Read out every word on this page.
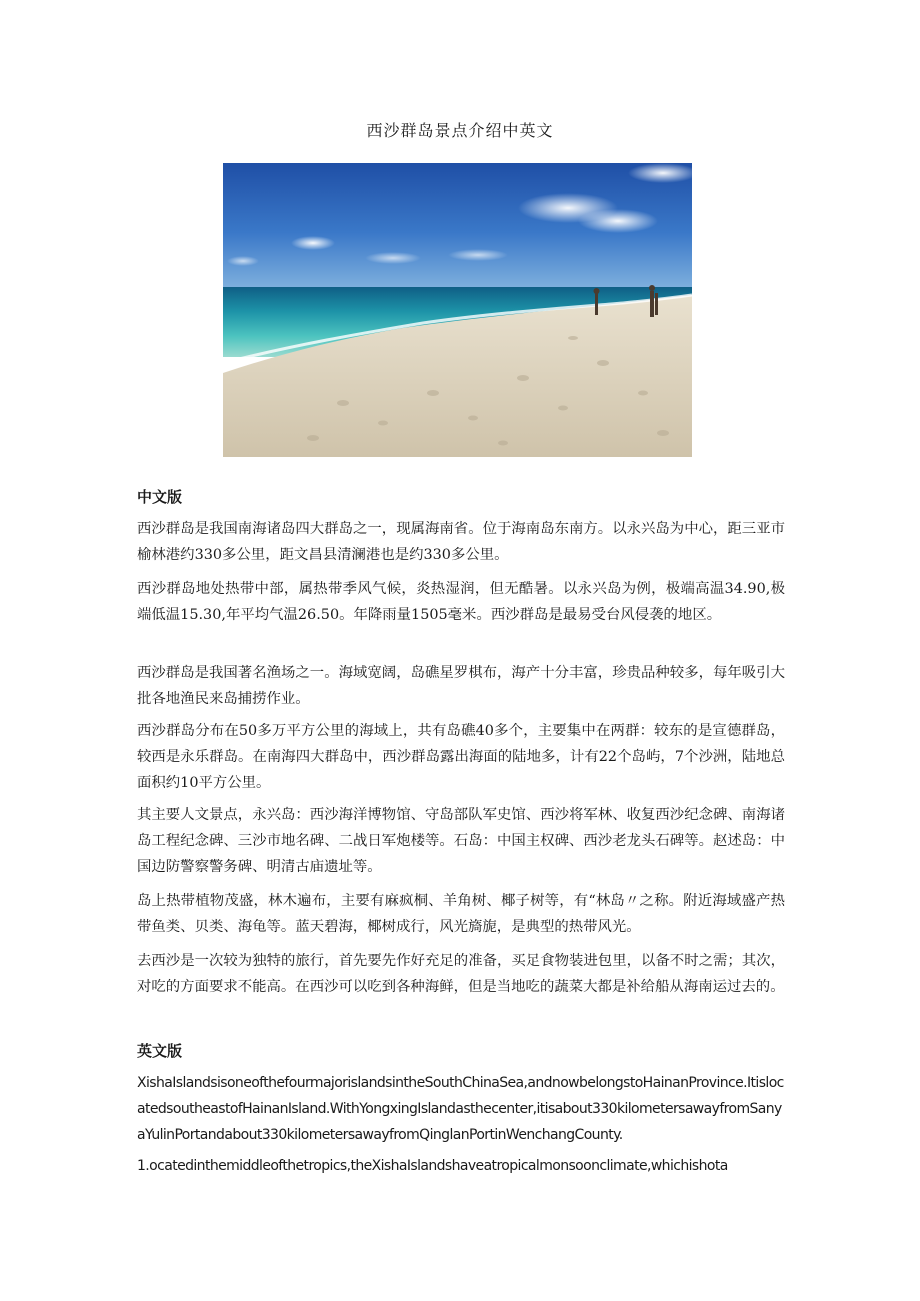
西沙群岛景点介绍中英文
中文版
西沙群岛是我国南海诸岛四大群岛之一，现属海南省。位于海南岛东南方。以永兴岛为中心，距三亚市榆林港约330多公里，距文昌县清澜港也是约330多公里。
西沙群岛地处热带中部，属热带季风气候，炎热湿润，但无酷暑。以永兴岛为例，极端高温34.90,极端低温15.30,年平均气温26.50。年降雨量1505毫米。西沙群岛是最易受台风侵袭的地区。
西沙群岛是我国著名渔场之一。海域宽阔，岛礁星罗棋布，海产十分丰富，珍贵品种较多，每年吸引大批各地渔民来岛捕捞作业。
西沙群岛分布在50多万平方公里的海域上，共有岛礁40多个，主要集中在两群：较东的是宣德群岛，较西是永乐群岛。在南海四大群岛中，西沙群岛露出海面的陆地多，计有22个岛屿，7个沙洲，陆地总面积约10平方公里。
其主要人文景点，永兴岛：西沙海洋博物馆、守岛部队军史馆、西沙将军林、收复西沙纪念碑、南海诸岛工程纪念碑、三沙市地名碑、二战日军炮楼等。石岛：中国主权碑、西沙老龙头石碑等。赵述岛：中国边防警察警务碑、明清古庙遗址等。
岛上热带植物茂盛，林木遍布，主要有麻疯桐、羊角树、椰子树等，有“林岛〃之称。附近海域盛产热带鱼类、贝类、海龟等。蓝天碧海，椰树成行，风光旖旎，是典型的热带风光。
去西沙是一次较为独特的旅行，首先要先作好充足的准备，买足食物装进包里，以备不时之需；其次，对吃的方面要求不能高。在西沙可以吃到各种海鲜，但是当地吃的蔬菜大都是补给船从海南运过去的。
英文版
XishaIslandsisoneofthefourmajorislandsintheSouthChinaSea,andnowbelongstoHainanProvince.ItislocatedsoutheastofHainanIsland.WithYongxingIslandasthecenter,itisabout330kilometersawayfromSanyaYulinPortandabout330kilometersawayfromQinglanPortinWenchangCounty.
1.ocatedinthemiddleofthetropics,theXishaIslandshaveatropicalmonsoonclimate,whichishota
